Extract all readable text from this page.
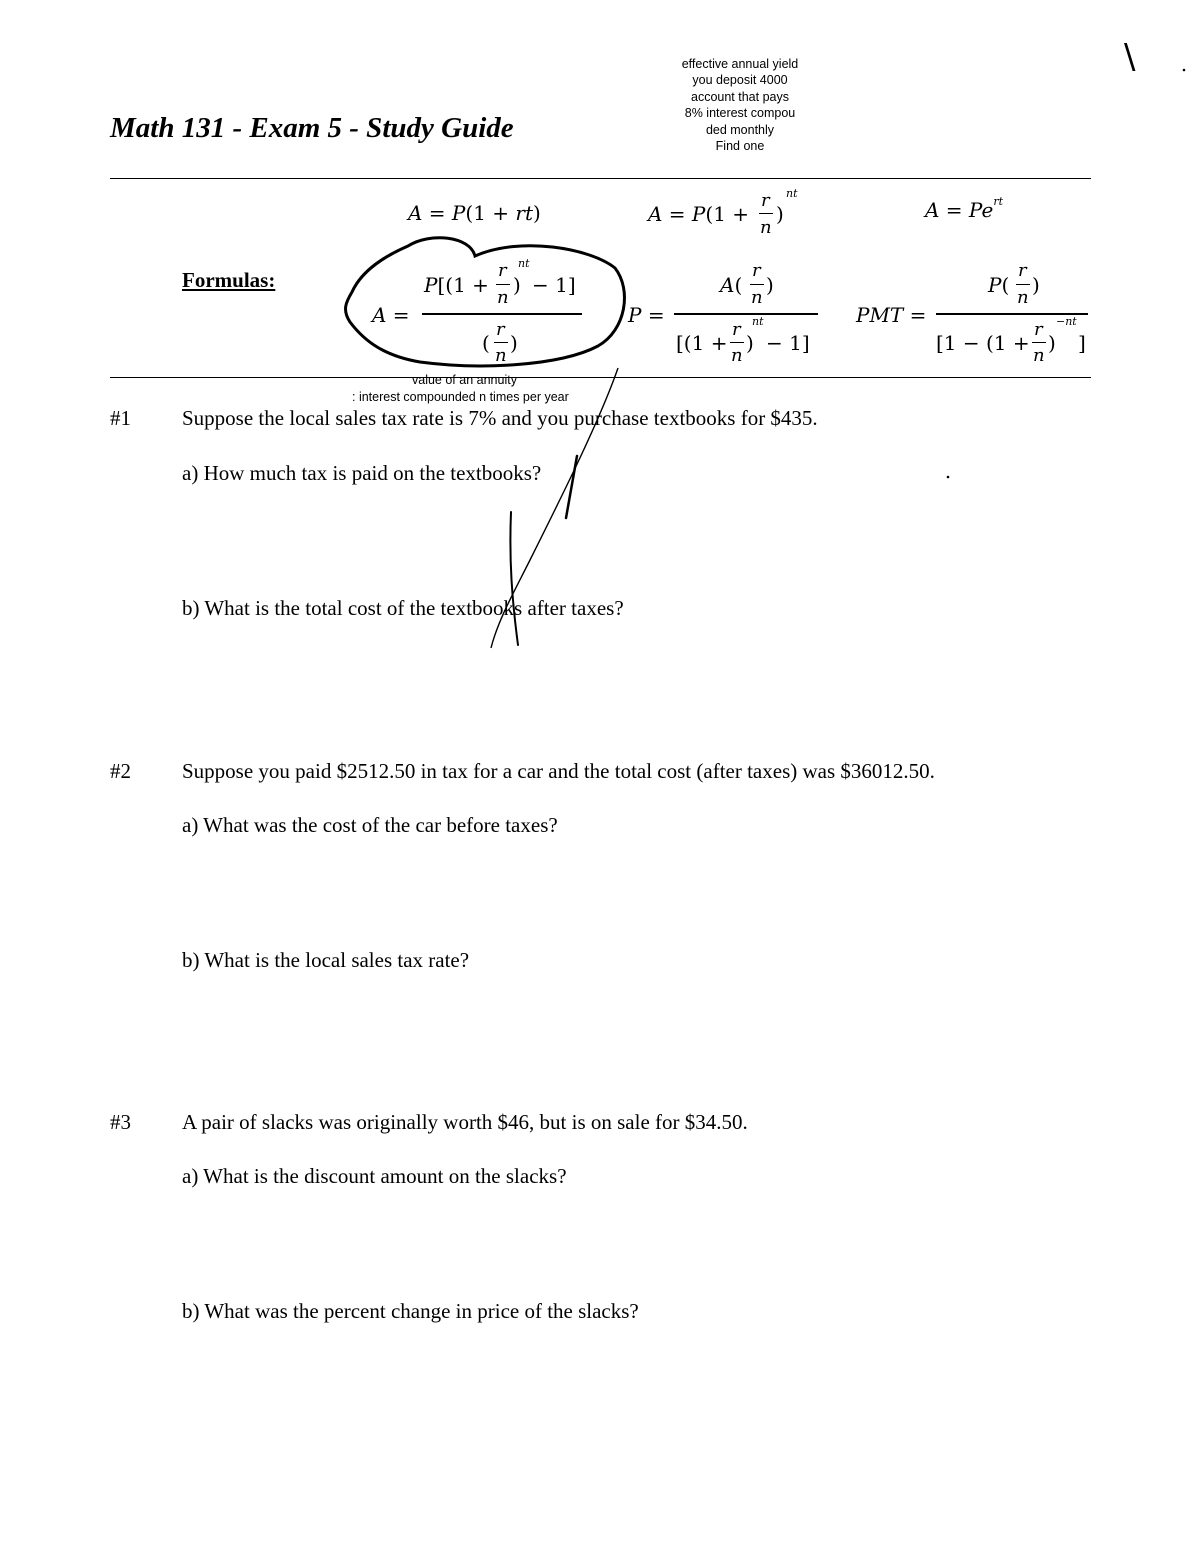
Math 131 - Exam 5 - Study Guide
effective annual yield
you deposit 4000
account that pays
8% interest compou
ded monthly
Find one
\
Formulas:
A = P(1 + rt)	A = P(1 +
r
n
)
nt
$A = Pe^{rt}$
A =
P[(1 +
r
n
)
nt
− 1]
(
r
n
)
P =
A(
r
n
)
[(1 +
r
n
)
nt
− 1]
PMT =
P(
r
n
)
[1 − (1 +
r
n
)
−nt
]
value of an annuity
: interest compounded n times per year
#1 Suppose the local sales tax rate is 7% and you purchase textbooks for $435.
a) How much tax is paid on the textbooks?
b) What is the total cost of the textbooks after taxes?
#2 Suppose you paid $2512.50 in tax for a car and the total cost (after taxes) was $36012.50.
a) What was the cost of the car before taxes?
b) What is the local sales tax rate?
#3 A pair of slacks was originally worth $46, but is on sale for $34.50.
a) What is the discount amount on the slacks?
b) What was the percent change in price of the slacks?
